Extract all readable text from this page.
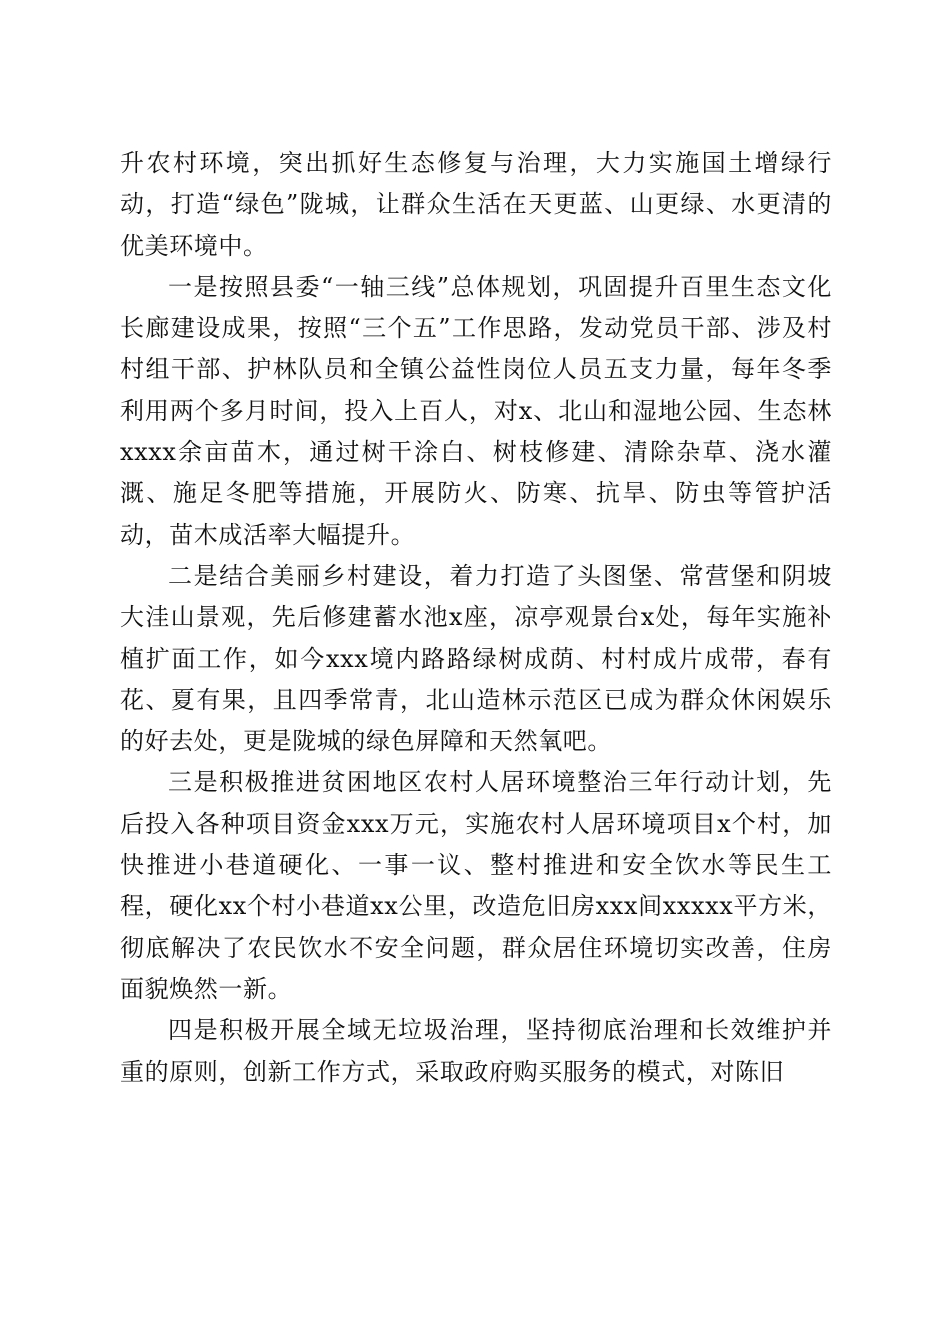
升农村环境，突出抓好生态修复与治理，大力实施国土增绿行动，打造“绿色”陇城，让群众生活在天更蓝、山更绿、水更清的优美环境中。

一是按照县委“一轴三线”总体规划，巩固提升百里生态文化长廊建设成果，按照“三个五”工作思路，发动党员干部、涉及村村组干部、护林队员和全镇公益性岗位人员五支力量，每年冬季利用两个多月时间，投入上百人，对x、北山和湿地公园、生态林xxxx余亩苗木，通过树干涂白、树枝修建、清除杂草、浇水灌溉、施足冬肥等措施，开展防火、防寒、抗旱、防虫等管护活动，苗木成活率大幅提升。

二是结合美丽乡村建设，着力打造了头图堡、常营堡和阴坡大洼山景观，先后修建蓄水池x座，凉亭观景台x处，每年实施补植扩面工作，如今xxx境内路路绿树成荫、村村成片成带，春有花、夏有果，且四季常青，北山造林示范区已成为群众休闲娱乐的好去处，更是陇城的绿色屏障和天然氧吧。

三是积极推进贫困地区农村人居环境整治三年行动计划，先后投入各种项目资金xxx万元，实施农村人居环境项目x个村，加快推进小巷道硬化、一事一议、整村推进和安全饮水等民生工程，硬化xx个村小巷道xx公里，改造危旧房xxx间xxxxx平方米，彻底解决了农民饮水不安全问题，群众居住环境切实改善，住房面貌焕然一新。

四是积极开展全域无垃圾治理，坚持彻底治理和长效维护并重的原则，创新工作方式，采取政府购买服务的模式，对陈旧
